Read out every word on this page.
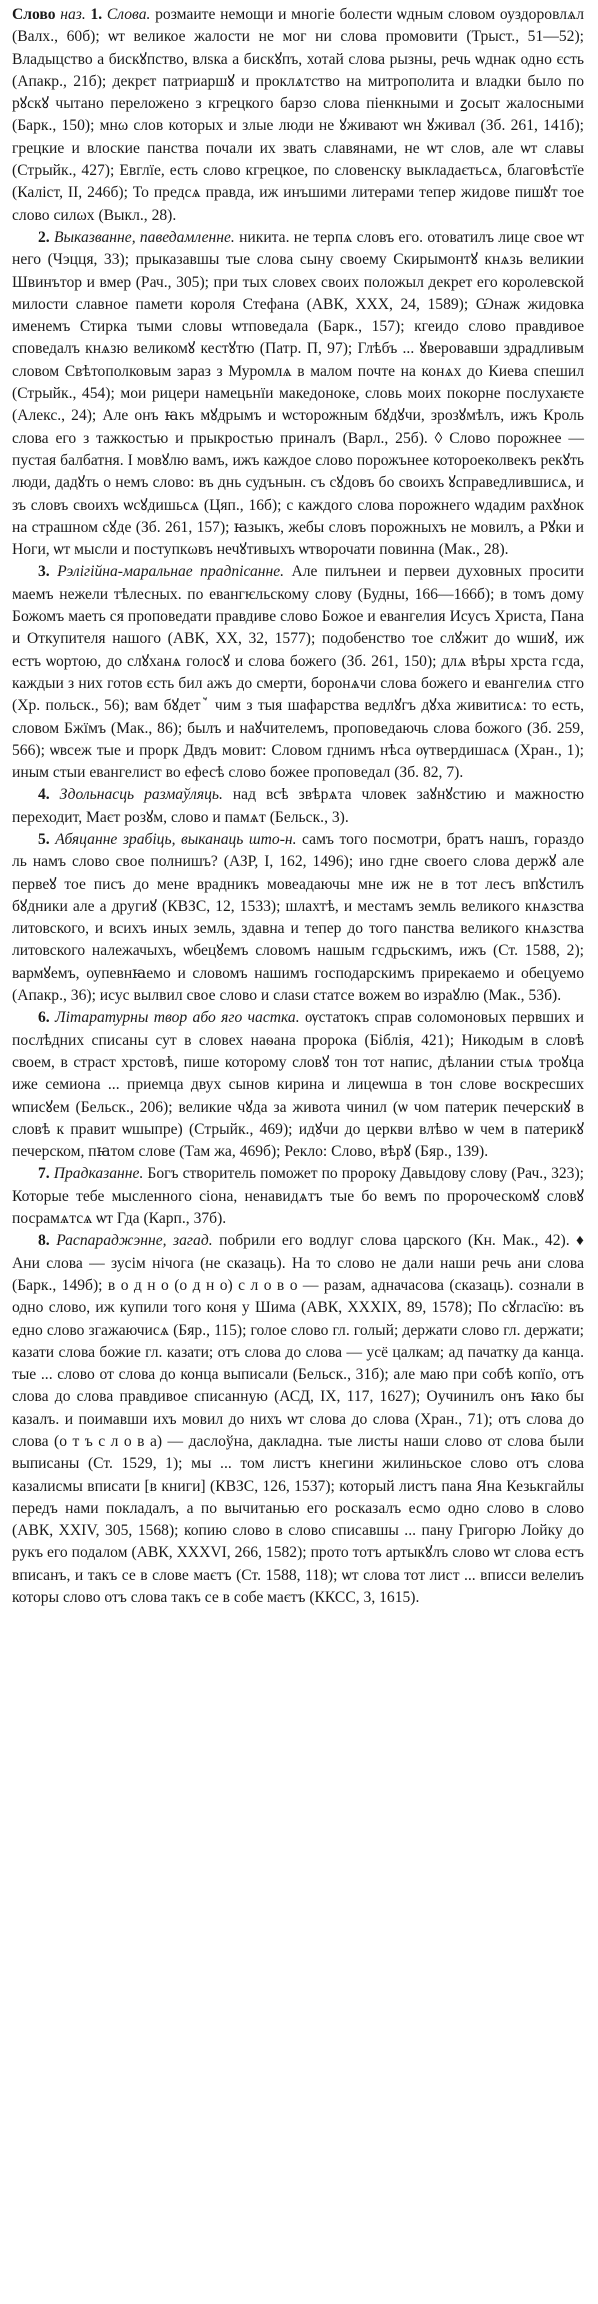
Слово наз. 1. Слова. розмаите немощи и многіе болести ѡдным словом оуздоровлѧл (Валх., 60б); ѡт великое жалости не мог ни слова промовити (Трыст., 51—52); Владыцство а бискꙋпство, влѕка а бискꙋпъ, хотай слова рызны, речь ѡднак одно єсть (Апакр., 21б); декрєт патриаршꙋ и проклѧтство на митрополита и владки было по рꙋскꙋ чытано переложено з кгрецкого барзо слова піенкными и ꙁосыт жалосными (Барк., 150); мнω слов которых и злые люди не ꙋживают ѡн ꙋживал (Зб. 261, 141б); грецкие и влоские панства почали их звать славянами, не ѡт слов, але ѡт славы (Стрыйк., 427); Евглїе, есть слово кгрецкое, по словенску выкладаєтьсѧ, благовѣстїе (Каліст, II, 246б); То предсѧ правда, иж инъшими литерами тепер жидове пишꙋт тое слово силωх (Выкл., 28).

2. Выказванне, паведамленне. никита. не терпѧ словъ его. отоватилъ лице свое ѡт него (Чэцця, 33); прыказавшы тые слова сыну своему Скирымонтꙋ кнѧзь великии Швинътор и вмер (Рач., 305); при тых словех своих положыл декрет его королевской милости славное памети короля Стефана (АВК, XXX, 24, 1589); Ѡнаж жидовка именемъ Стирка тыми словы ѡтповедала (Барк., 157); кгеидо слово правдивое споведалъ кнѧзю великомꙋ кестꙋтю (Патр. П, 97); Глѣбъ ... ꙋверовавши здрадливым словом Свѣтополковым зараз з Муромлѧ в малом почте на конѧх до Киева спешил (Стрыйк., 454); мои рицери намецьнїи македоноке, словь моих покорне послухаѥте (Алекс., 24); Але онъ ꙗкъ мꙋдрымъ и ѡсторожным бꙋдꙋчи, зрозꙋмѣлъ, ижъ Кроль слова его з тажкостью и прыкростью приналъ (Варл., 25б). ◊ Слово порожнее — пустая балбатня. I мовꙋлю вамъ, ижъ каждое слово порожънее котороеколвекъ рекꙋть люди, дадꙋть о немъ слово: въ днь судънын. съ сꙋдовъ бо своихъ ꙋсправедлившисѧ, и зъ словъ своихъ ѡсꙋдишьсѧ (Цяп., 16б); с каждого слова порожнего ѡдадим рахꙋнок на страшном сꙋде (Зб. 261, 157); ꙗзыкъ, жебы словъ порожныхъ не мовилъ, а Рꙋки и Ноги, ѡт мысли и поступкωвъ нечꙋтивыхъ ѡтворочати повинна (Мак., 28).

3. Рэлігійна-маральнае прадпісанне. Але пилънеи и первеи духовных просити маемъ нежели тѣлесных. по евангѥльскому слову (Будны, 166—166б); в томъ дому Божомъ маеть ся проповедати правдиве слово Божое и евангелия Исусъ Христа, Пана и Откупителя нашого (АВК, XX, 32, 1577); подобенство тое слꙋжит до ѡшиꙋ, иж естъ ѡортою, до слꙋханѧ голосꙋ и слова божего (Зб. 261, 150); длѧ вѣры хрста гсда, каждыи з них готов єсть бил ажъ до смерти, боронѧчи слова божего и евангелиѧ стго (Хр. польск., 56); вам бꙋдетꙿ чим з тыя шафарства ведлꙋгъ дꙋха живитисѧ: то есть, словом Бжїмъ (Мак., 86); былъ и наꙋчителемъ, проповедаючь слова божого (Зб. 259, 566); ѡвсеж тые и прорк Двдъ мовит: Словом гднимъ нѣса ѹтвердишасѧ (Хран., 1); иным стыи евангелист во ефесѣ слово божее проповедал (Зб. 82, 7).

4. Здольнасць размаўляць. над всѣ звѣрѧта чловек заꙋнꙋстию и мажностю переходит, Маєт розꙋм, слово и памѧт (Бельск., 3).

5. Абяцанне зрабіць, выканаць што-н. самъ того посмотри, братъ нашъ, гораздо ль намъ слово свое полнишъ? (АЗР, I, 162, 1496); ино гдне своего слова держꙋ але первеꙋ тое писъ до мене врадникъ мовеадаючы мне иж не в тот лесъ впꙋстилъ бꙋдники але а другиꙋ (КВЗС, 12, 1533); шлахтѣ, и местамъ земль великого кнѧзства литовского, и всихъ иных земль, здавна и тепер до того панства великого кнѧзства литовского належачыхъ, ѡбецꙋемъ словомъ нашым гсдрьскимъ, ижъ (Ст. 1588, 2); вармꙋемъ, оупевнꙗемо и словомъ нашимъ господарскимъ прирекаемо и обецуемо (Апакр., 36); исус вылвил свое слово и слаѕи статсе вожем во израꙋлю (Мак., 53б).

6. Літаратурны твор або яго частка. ѹстатокъ справ соломоновых первших и послѣдних списаны сут в словех наѳана пророка (Біблія, 421); Никодым в словѣ своем, в страст хрстовѣ, пише которому словꙋ тон тот напис, дѣлании стыѧ троꙋца иже семиона ... приемца двух сынов кирина и лицеѡша в тон слове воскресших ѡписꙋем (Бельск., 206); великие чꙋда за живота чинил (ѡ чом патерик печерскиꙋ в словѣ к правит ѡшыпре) (Стрыйк., 469); идꙋчи до церкви влѣво ѡ чем в патерикꙋ печерском, пꙗтом слове (Там жа, 469б); Рекло: Слово, вѣрꙋ (Бяр., 139).

7. Прадказанне. Богъ створитель поможет по пророку Давыдову слову (Рач., 323); Которые тебе мысленного сіона, ненавидѧтъ тые бо вемъ по пророческомꙋ словꙋ посрамѧтсѧ ѡт Гда (Карп., 37б).

8. Распараджэнне, загад. побрили его водлуг слова царского (Кн. Мак., 42). ♦ Ани слова — зусім нічога (не сказаць). На то слово не дали наши речь ани слова (Барк., 149б); в о д н о (о д н о) с л о в о — разам, адначасова (сказаць). сознали в одно слово, иж купили того коня у Шима (АВК, XXXIX, 89, 1578); По сꙋгласїю: въ едно слово згажаючисѧ (Бяр., 115); голое слово гл. голый; держати слово гл. держати; казати слова божие гл. казати; отъ слова до слова — усё цалкам; ад пачатку да канца. тые ... слово от слова до конца выписали (Бельск., 31б); але маю при собѣ копїо, отъ слова до слова правдивое списанную (АСД, IX, 117, 1627); Оучинилъ онъ ꙗко бы казалъ. и поимавши ихъ мовил до нихъ ѡт слова до слова (Хран., 71); отъ слова до слова (о т ъ с л о в а) — даслоўна, дакладна. тые листы наши слово от слова были выписаны (Ст. 1529, 1); мы ... том листъ кнегини жилиньское слово отъ слова казалисмы вписати [в книги] (КВЗС, 126, 1537); который листъ пана Яна Кезькгайлы передъ нами покладалъ, а по вычитанью его росказалъ есмо одно слово в слово (АВК, XXIV, 305, 1568); копию слово в слово списавшы ... пану Григорю Лойку до рукъ его подалом (АВК, XXXVI, 266, 1582); прото тотъ артыкꙋлъ слово ѡт слова естъ вписанъ, и такъ се в слове маєтъ (Ст. 1588, 118); ѡт слова тот лист ... вписси велелиъ которы слово отъ слова такъ се в собе маєтъ (ККСС, 3, 1615).
